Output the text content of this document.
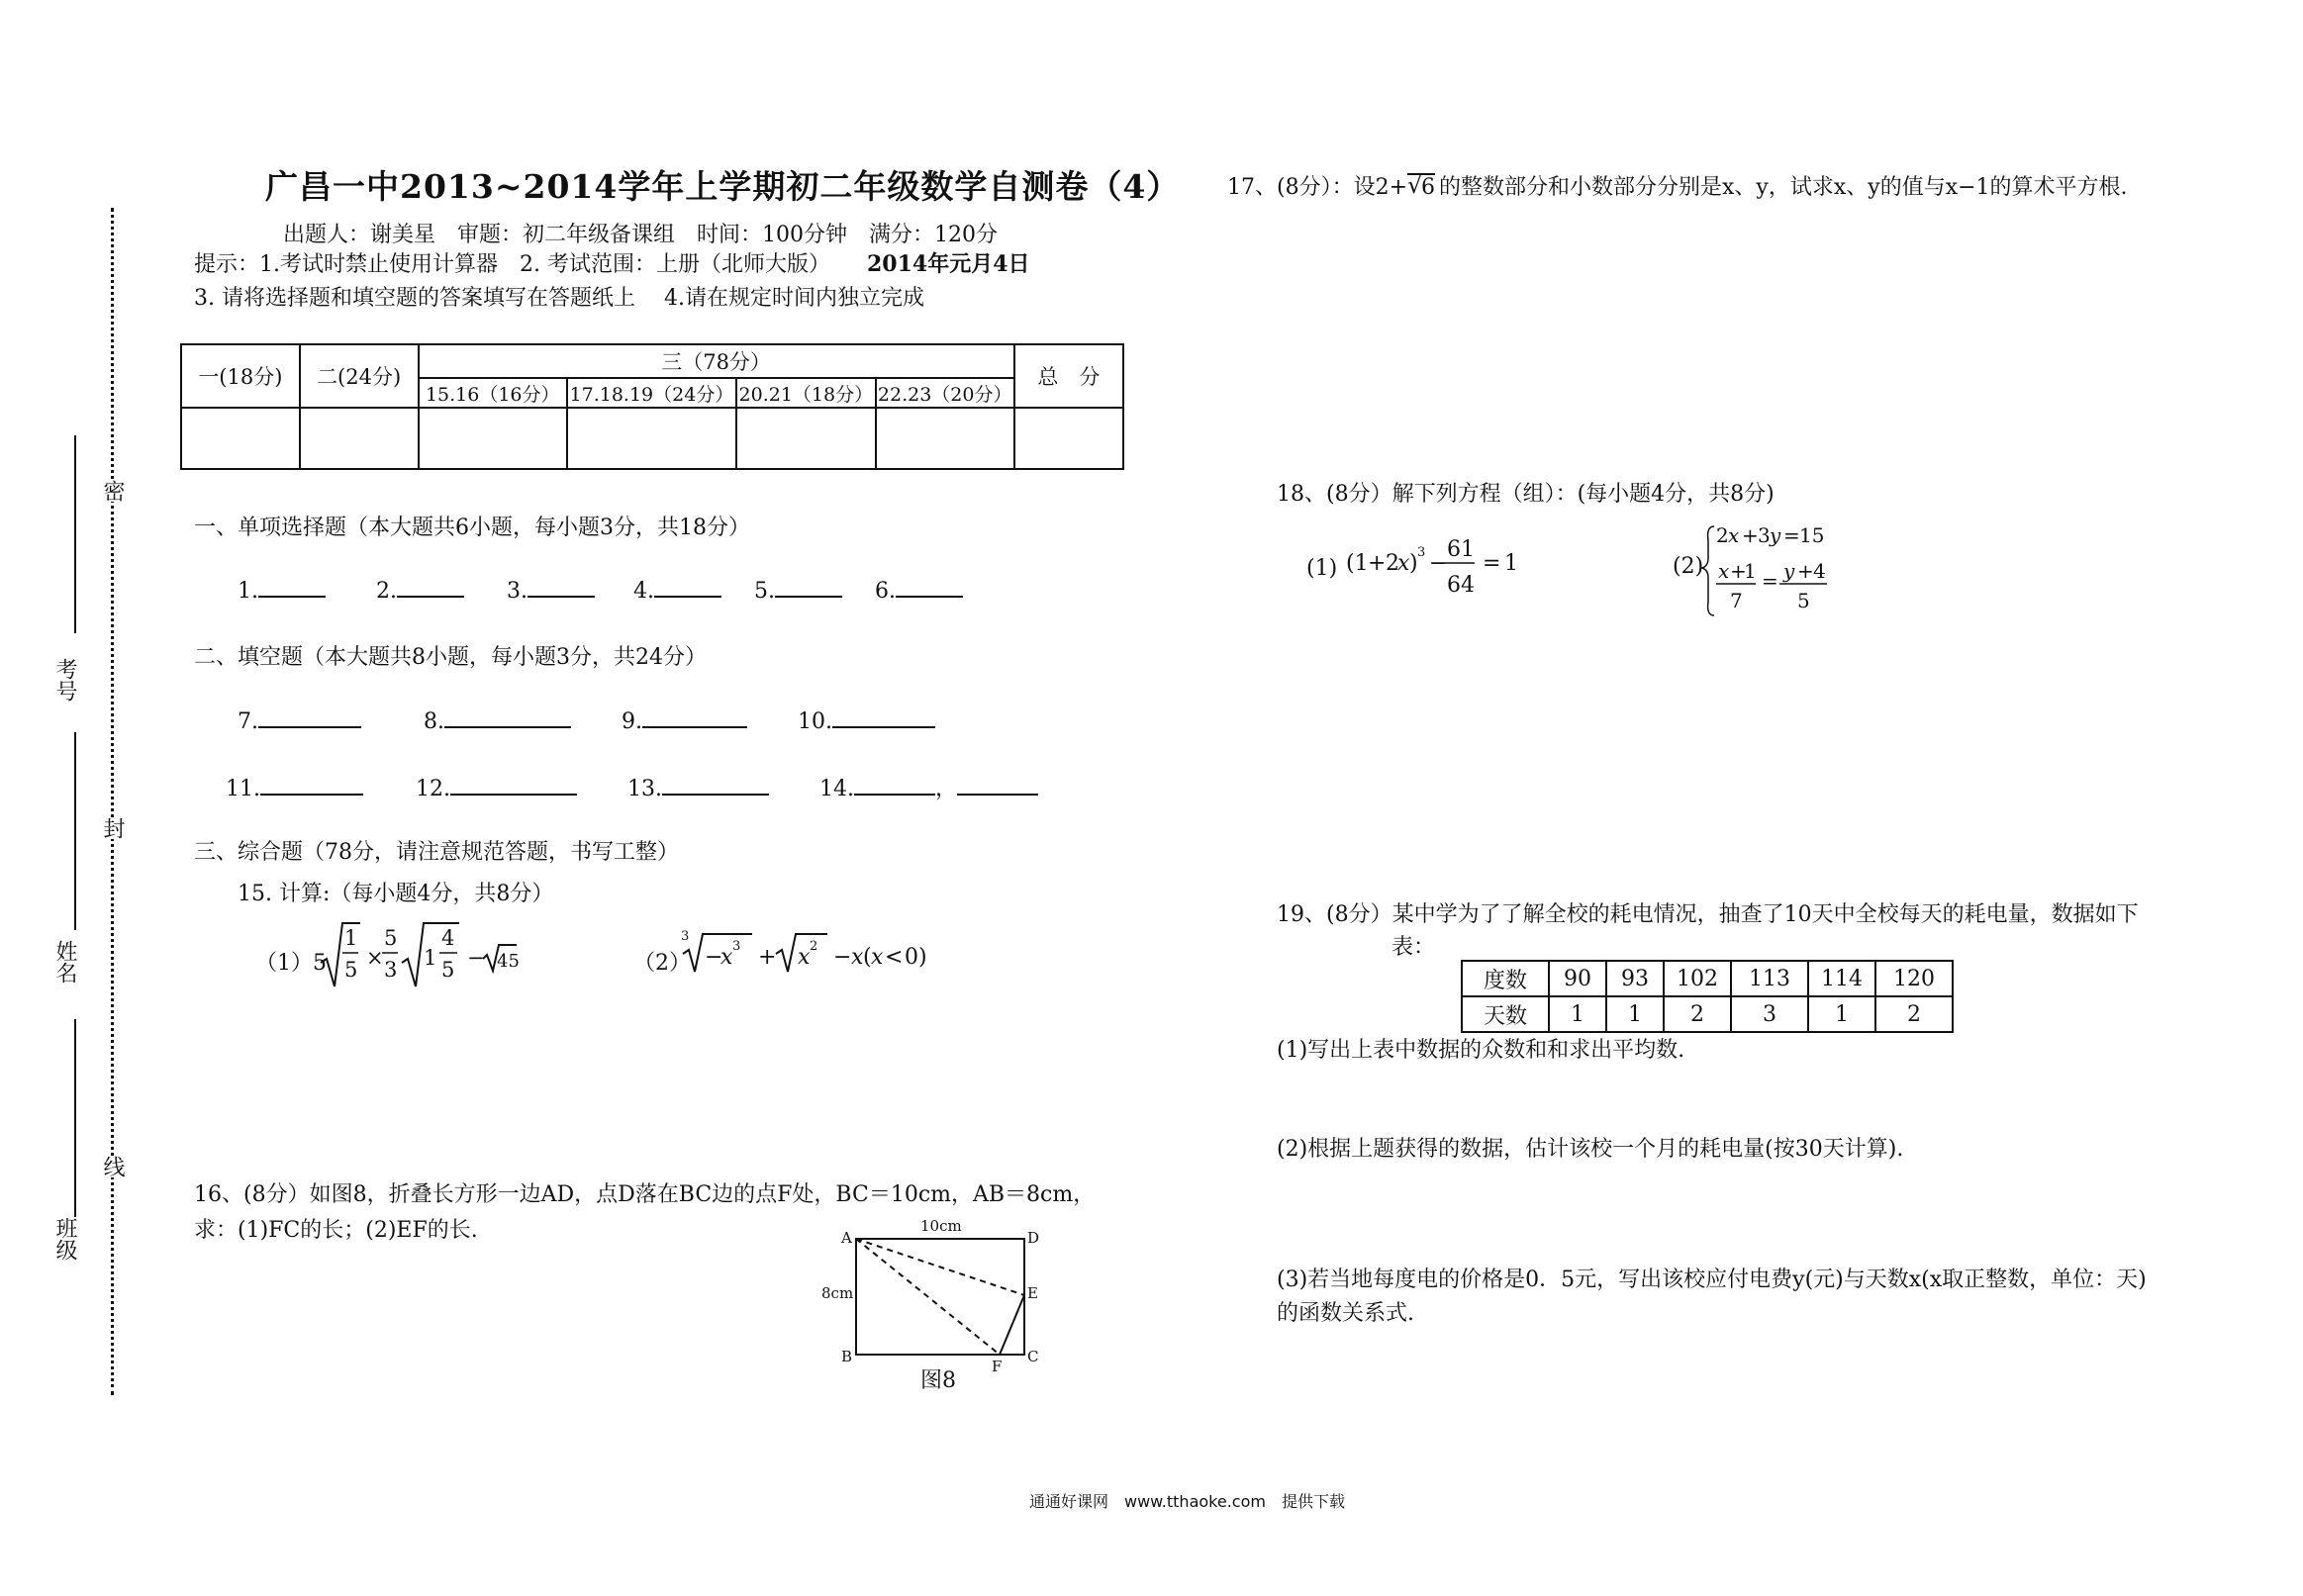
广昌一中2013~2014学年上学期初二年级数学自测卷（4）
出题人：谢美星　审题：初二年级备课组　时间：100分钟　满分：120分
提示：1.考试时禁止使用计算器　2. 考试范围：上册（北师大版） 2014年元月4日
3. 请将选择题和填空题的答案填写在答题纸上　 4.请在规定时间内独立完成
一(18分)	二(24分)	三（78分）				总　分
		15.16（16分）	17.18.19（24分）	20.21（18分）	22.23（20分）	

密
封
线
考号
姓名
班级
一、单项选择题（本大题共6小题，每小题3分，共18分）
1.	2.	3.	4.	5.	6.
二、填空题（本大题共8小题，每小题3分，共24分）
7.	8.	9.	10.
11.	12.	13.	14.	，
三、综合题（78分，请注意规范答题，书写工整）
15. 计算:（每小题4分，共8分）
（1）5
1
5 ×
5
3 1
4
5 − 45	（2）
3
−
x 3 + x 2 − x ( x < 0)
16、(8分）如图8，折叠长方形一边AD，点D落在BC边的点F处，BC＝10cm，AB＝8cm，
求：(1)FC的长；(2)EF的长.	10cm
8cm
A	D
E
B	C
F
图8
17、(8分）：设2+ √
6 的整数部分和小数部分分别是x、y，试求x、y的值与x−1的算术平方根.
18、(8分）解下列方程（组）：(每小题4分，共8分)
(1) (1 + 2
x ) 3 −
61
64
= 1	(2)
2 x + 3 y = 15
x +
1
7
= y + 4
5
19、(8分）某中学为了了解全校的耗电情况，抽查了10天中全校每天的耗电量，数据如下
表：
度数	90	93	102	113	114	120
天数	1	1	2	3	1	2
(1)写出上表中数据的众数和和求出平均数.
(2)根据上题获得的数据，估计该校一个月的耗电量(按30天计算).
(3)若当地每度电的价格是0．5元，写出该校应付电费y(元)与天数x(x取正整数，单位：天)
的函数关系式.
通通好课网　www.tthaoke.com　提供下载
